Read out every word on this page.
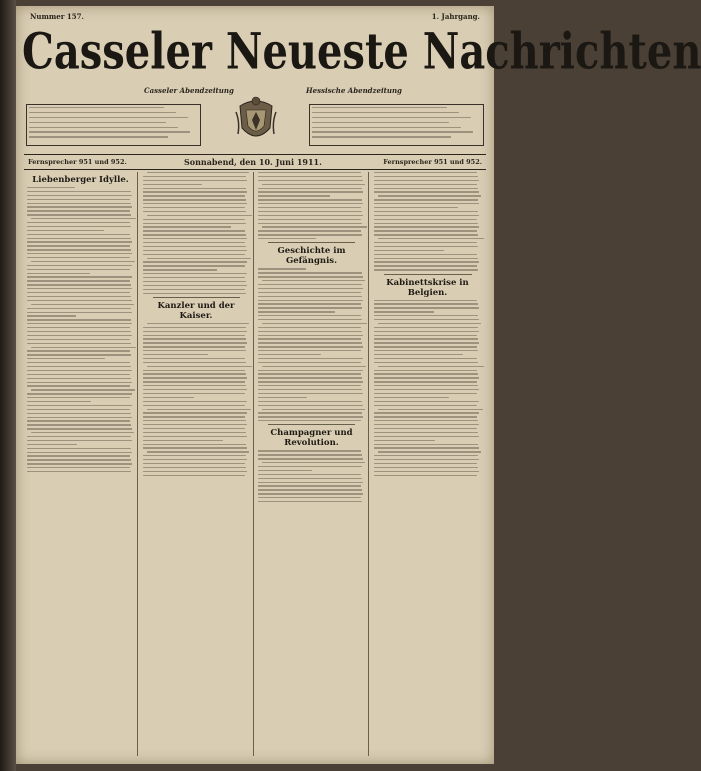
Nummer 157.	1. Jahrgang.
Casseler Neueste Nachrichten
Casseler Abendzeitung	Hessische Abendzeitung
Fernsprecher 951 und 952.	Sonnabend, den 10. Juni 1911.	Fernsprecher 951 und 952.
Liebenberger Idylle.
Kanzler und der Kaiser.
Geschichte im Gefängnis.
Champagner und Revolution.
Kabinettskrise in Belgien.
